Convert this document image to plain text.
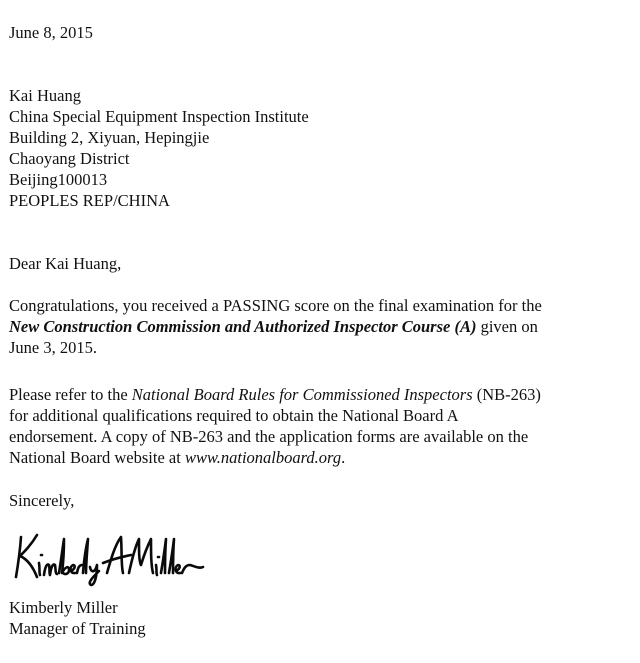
June 8, 2015
Kai Huang
China Special Equipment Inspection Institute
Building 2, Xiyuan, Hepingjie
Chaoyang District
Beijing100013
PEOPLES REP/CHINA
Dear Kai Huang,
Congratulations, you received a PASSING score on the final examination for the
New Construction Commission and Authorized Inspector Course (A) given on
June 3, 2015.
Please refer to the National Board Rules for Commissioned Inspectors (NB-263)
for additional qualifications required to obtain the National Board A
endorsement. A copy of NB-263 and the application forms are available on the
National Board website at www.nationalboard.org.
Sincerely,
Kimberly Miller
Manager of Training
